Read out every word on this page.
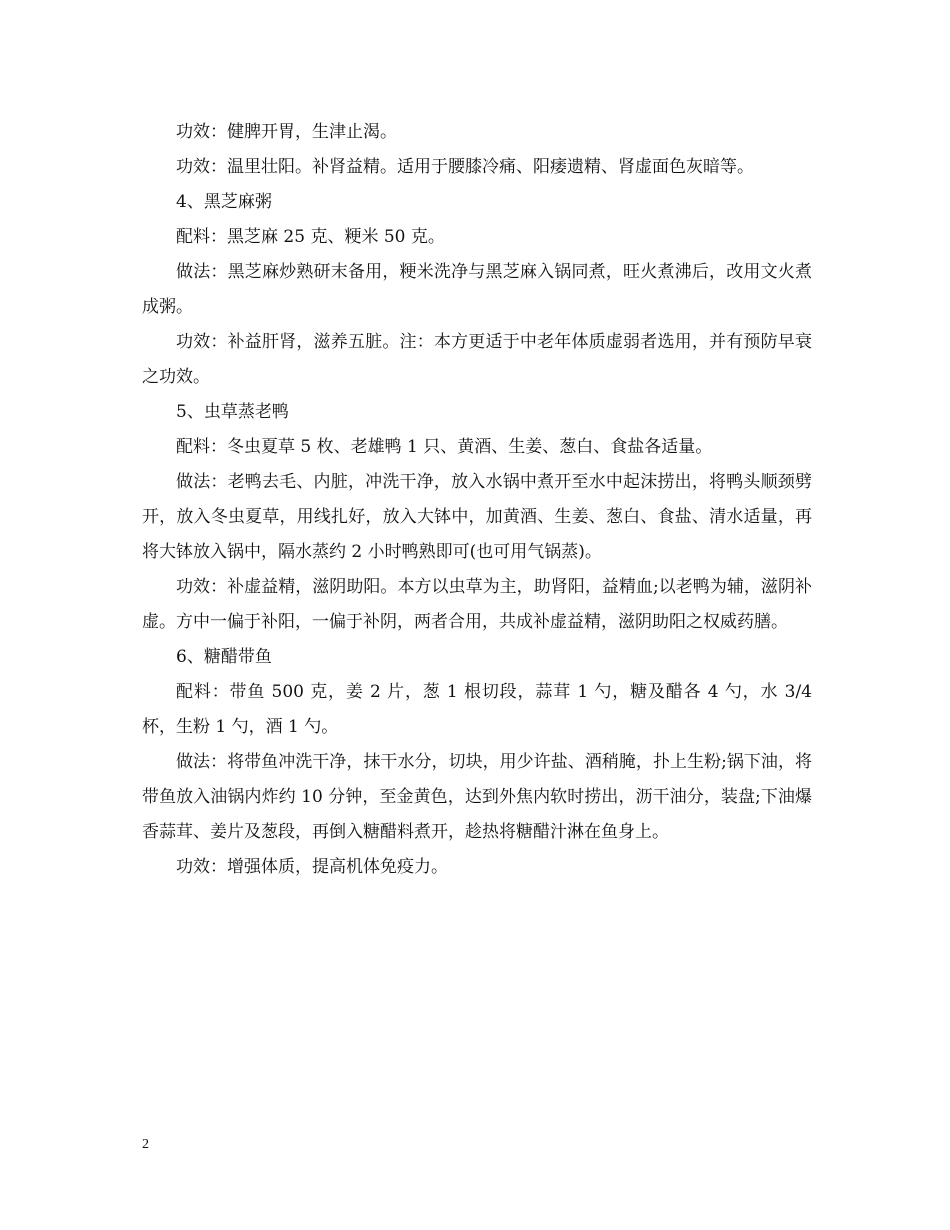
功效：健脾开胃，生津止渴。

功效：温里壮阳。补肾益精。适用于腰膝冷痛、阳痿遗精、肾虚面色灰暗等。

4、黑芝麻粥

配料：黑芝麻 25 克、粳米 50 克。

做法：黑芝麻炒熟研末备用，粳米洗净与黑芝麻入锅同煮，旺火煮沸后，改用文火煮成粥。

功效：补益肝肾，滋养五脏。注：本方更适于中老年体质虚弱者选用，并有预防早衰之功效。

5、虫草蒸老鸭

配料：冬虫夏草 5 枚、老雄鸭 1 只、黄酒、生姜、葱白、食盐各适量。

做法：老鸭去毛、内脏，冲洗干净，放入水锅中煮开至水中起沫捞出，将鸭头顺颈劈开，放入冬虫夏草，用线扎好，放入大钵中，加黄酒、生姜、葱白、食盐、清水适量，再将大钵放入锅中，隔水蒸约 2 小时鸭熟即可(也可用气锅蒸)。

功效：补虚益精，滋阴助阳。本方以虫草为主，助肾阳，益精血;以老鸭为辅，滋阴补虚。方中一偏于补阳，一偏于补阴，两者合用，共成补虚益精，滋阴助阳之权威药膳。

6、糖醋带鱼

配料：带鱼 500 克，姜 2 片，葱 1 根切段，蒜茸 1 勺，糖及醋各 4 勺，水 3/4 杯，生粉 1 勺，酒 1 勺。

做法：将带鱼冲洗干净，抹干水分，切块，用少许盐、酒稍腌，扑上生粉;锅下油，将带鱼放入油锅内炸约 10 分钟，至金黄色，达到外焦内软时捞出，沥干油分，装盘;下油爆香蒜茸、姜片及葱段，再倒入糖醋料煮开，趁热将糖醋汁淋在鱼身上。

功效：增强体质，提高机体免疫力。

2
